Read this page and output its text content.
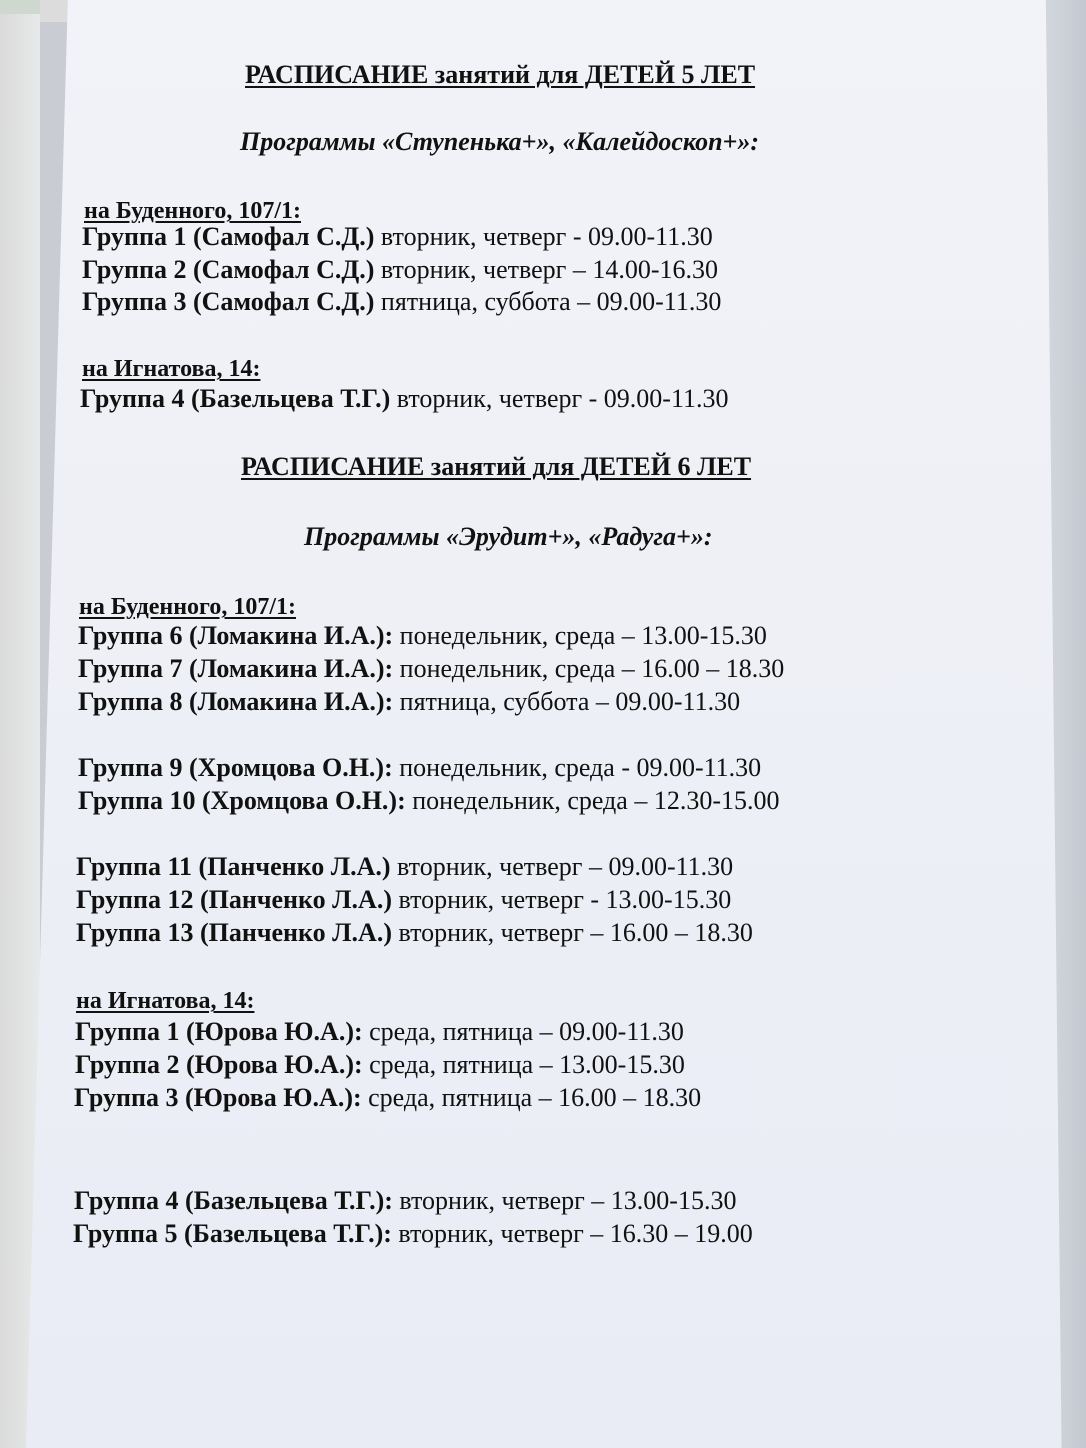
РАСПИСАНИЕ занятий для ДЕТЕЙ 5 ЛЕТ
Программы «Ступенька+», «Калейдоскоп+»:
на Буденного, 107/1:
Группа 1 (Самофал С.Д.) вторник, четверг - 09.00-11.30
Группа 2 (Самофал С.Д.) вторник, четверг – 14.00-16.30
Группа 3 (Самофал С.Д.) пятница, суббота – 09.00-11.30
на Игнатова, 14:
Группа 4 (Базельцева Т.Г.) вторник, четверг - 09.00-11.30
РАСПИСАНИЕ занятий для ДЕТЕЙ 6 ЛЕТ
Программы «Эрудит+», «Радуга+»:
на Буденного, 107/1:
Группа 6 (Ломакина И.А.): понедельник, среда – 13.00-15.30
Группа 7 (Ломакина И.А.): понедельник, среда – 16.00 – 18.30
Группа 8 (Ломакина И.А.): пятница, суббота – 09.00-11.30
Группа 9 (Хромцова О.Н.): понедельник, среда - 09.00-11.30
Группа 10 (Хромцова О.Н.): понедельник, среда – 12.30-15.00
Группа 11 (Панченко Л.А.) вторник, четверг – 09.00-11.30
Группа 12 (Панченко Л.А.) вторник, четверг - 13.00-15.30
Группа 13 (Панченко Л.А.) вторник, четверг – 16.00 – 18.30
на Игнатова, 14:
Группа 1 (Юрова Ю.А.): среда, пятница – 09.00-11.30
Группа 2 (Юрова Ю.А.): среда, пятница – 13.00-15.30
Группа 3 (Юрова Ю.А.): среда, пятница – 16.00 – 18.30
Группа 4 (Базельцева Т.Г.): вторник, четверг – 13.00-15.30
Группа 5 (Базельцева Т.Г.): вторник, четверг – 16.30 – 19.00
